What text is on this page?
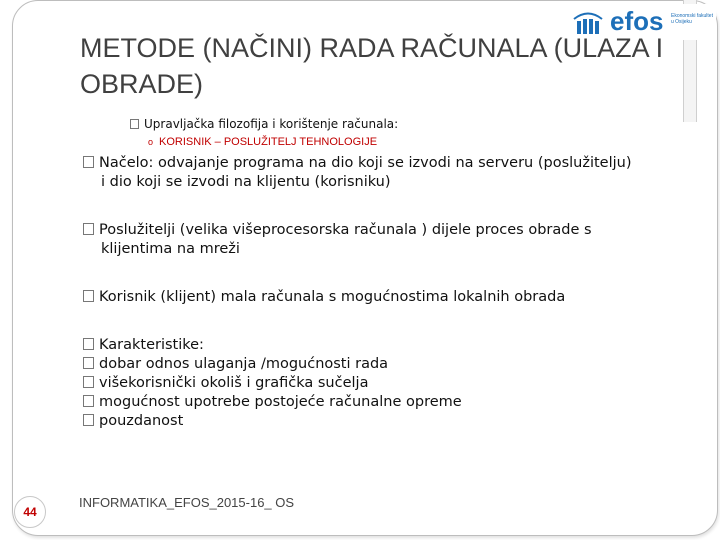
efos Ekonomski fakultet
u Osijeku
METODE (NAČINI) RADA RAČUNALA (ULAZA I
OBRADE)
Upravljačka filozofija i korištenje računala:
o KORISNIK – POSLUŽITELJ TEHNOLOGIJE
Načelo: odvajanje programa na dio koji se izvodi na serveru (poslužitelju)
i dio koji se izvodi na klijentu (korisniku)
Poslužitelji (velika višeprocesorska računala ) dijele proces obrade s
klijentima na mreži
Korisnik (klijent) mala računala s mogućnostima lokalnih obrada
Karakteristike:
dobar odnos ulaganja /mogućnosti rada
višekorisnički okoliš i grafička sučelja
mogućnost upotrebe postojeće računalne opreme
pouzdanost
44
INFORMATIKA_EFOS_2015-16_ OS
